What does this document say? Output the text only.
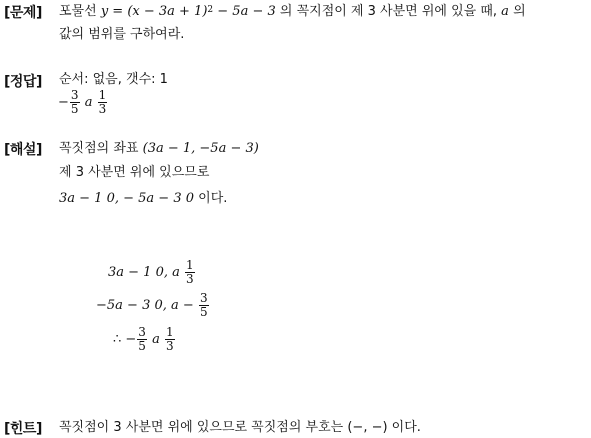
[문제] 포물선 $y = (x - 3a + 1)^2 - 5a - 3$ 의 꼭지점이 제 3 사분면 위에 있을 때, a 의
값의 범위를 구하여라.
[정답] 순서: 없음, 갯수: 1
− $\frac{3}{5}$ a $\frac{1}{3}$
[해설] 꼭짓점의 좌표 (3a − 1, −5a − 3)
제 3 사분면 위에 있으므로
3a − 1 0, − 5a − 3 0 이다.
3a − 1 0, a $\frac{1}{3}$
−5a − 3 0, $a - \frac{3}{5}$
∴ − $\frac{3}{5}$ a $\frac{1}{3}$
[힌트] 꼭짓점이 3 사분면 위에 있으므로 꼭짓점의 부호는 (−, −) 이다.
